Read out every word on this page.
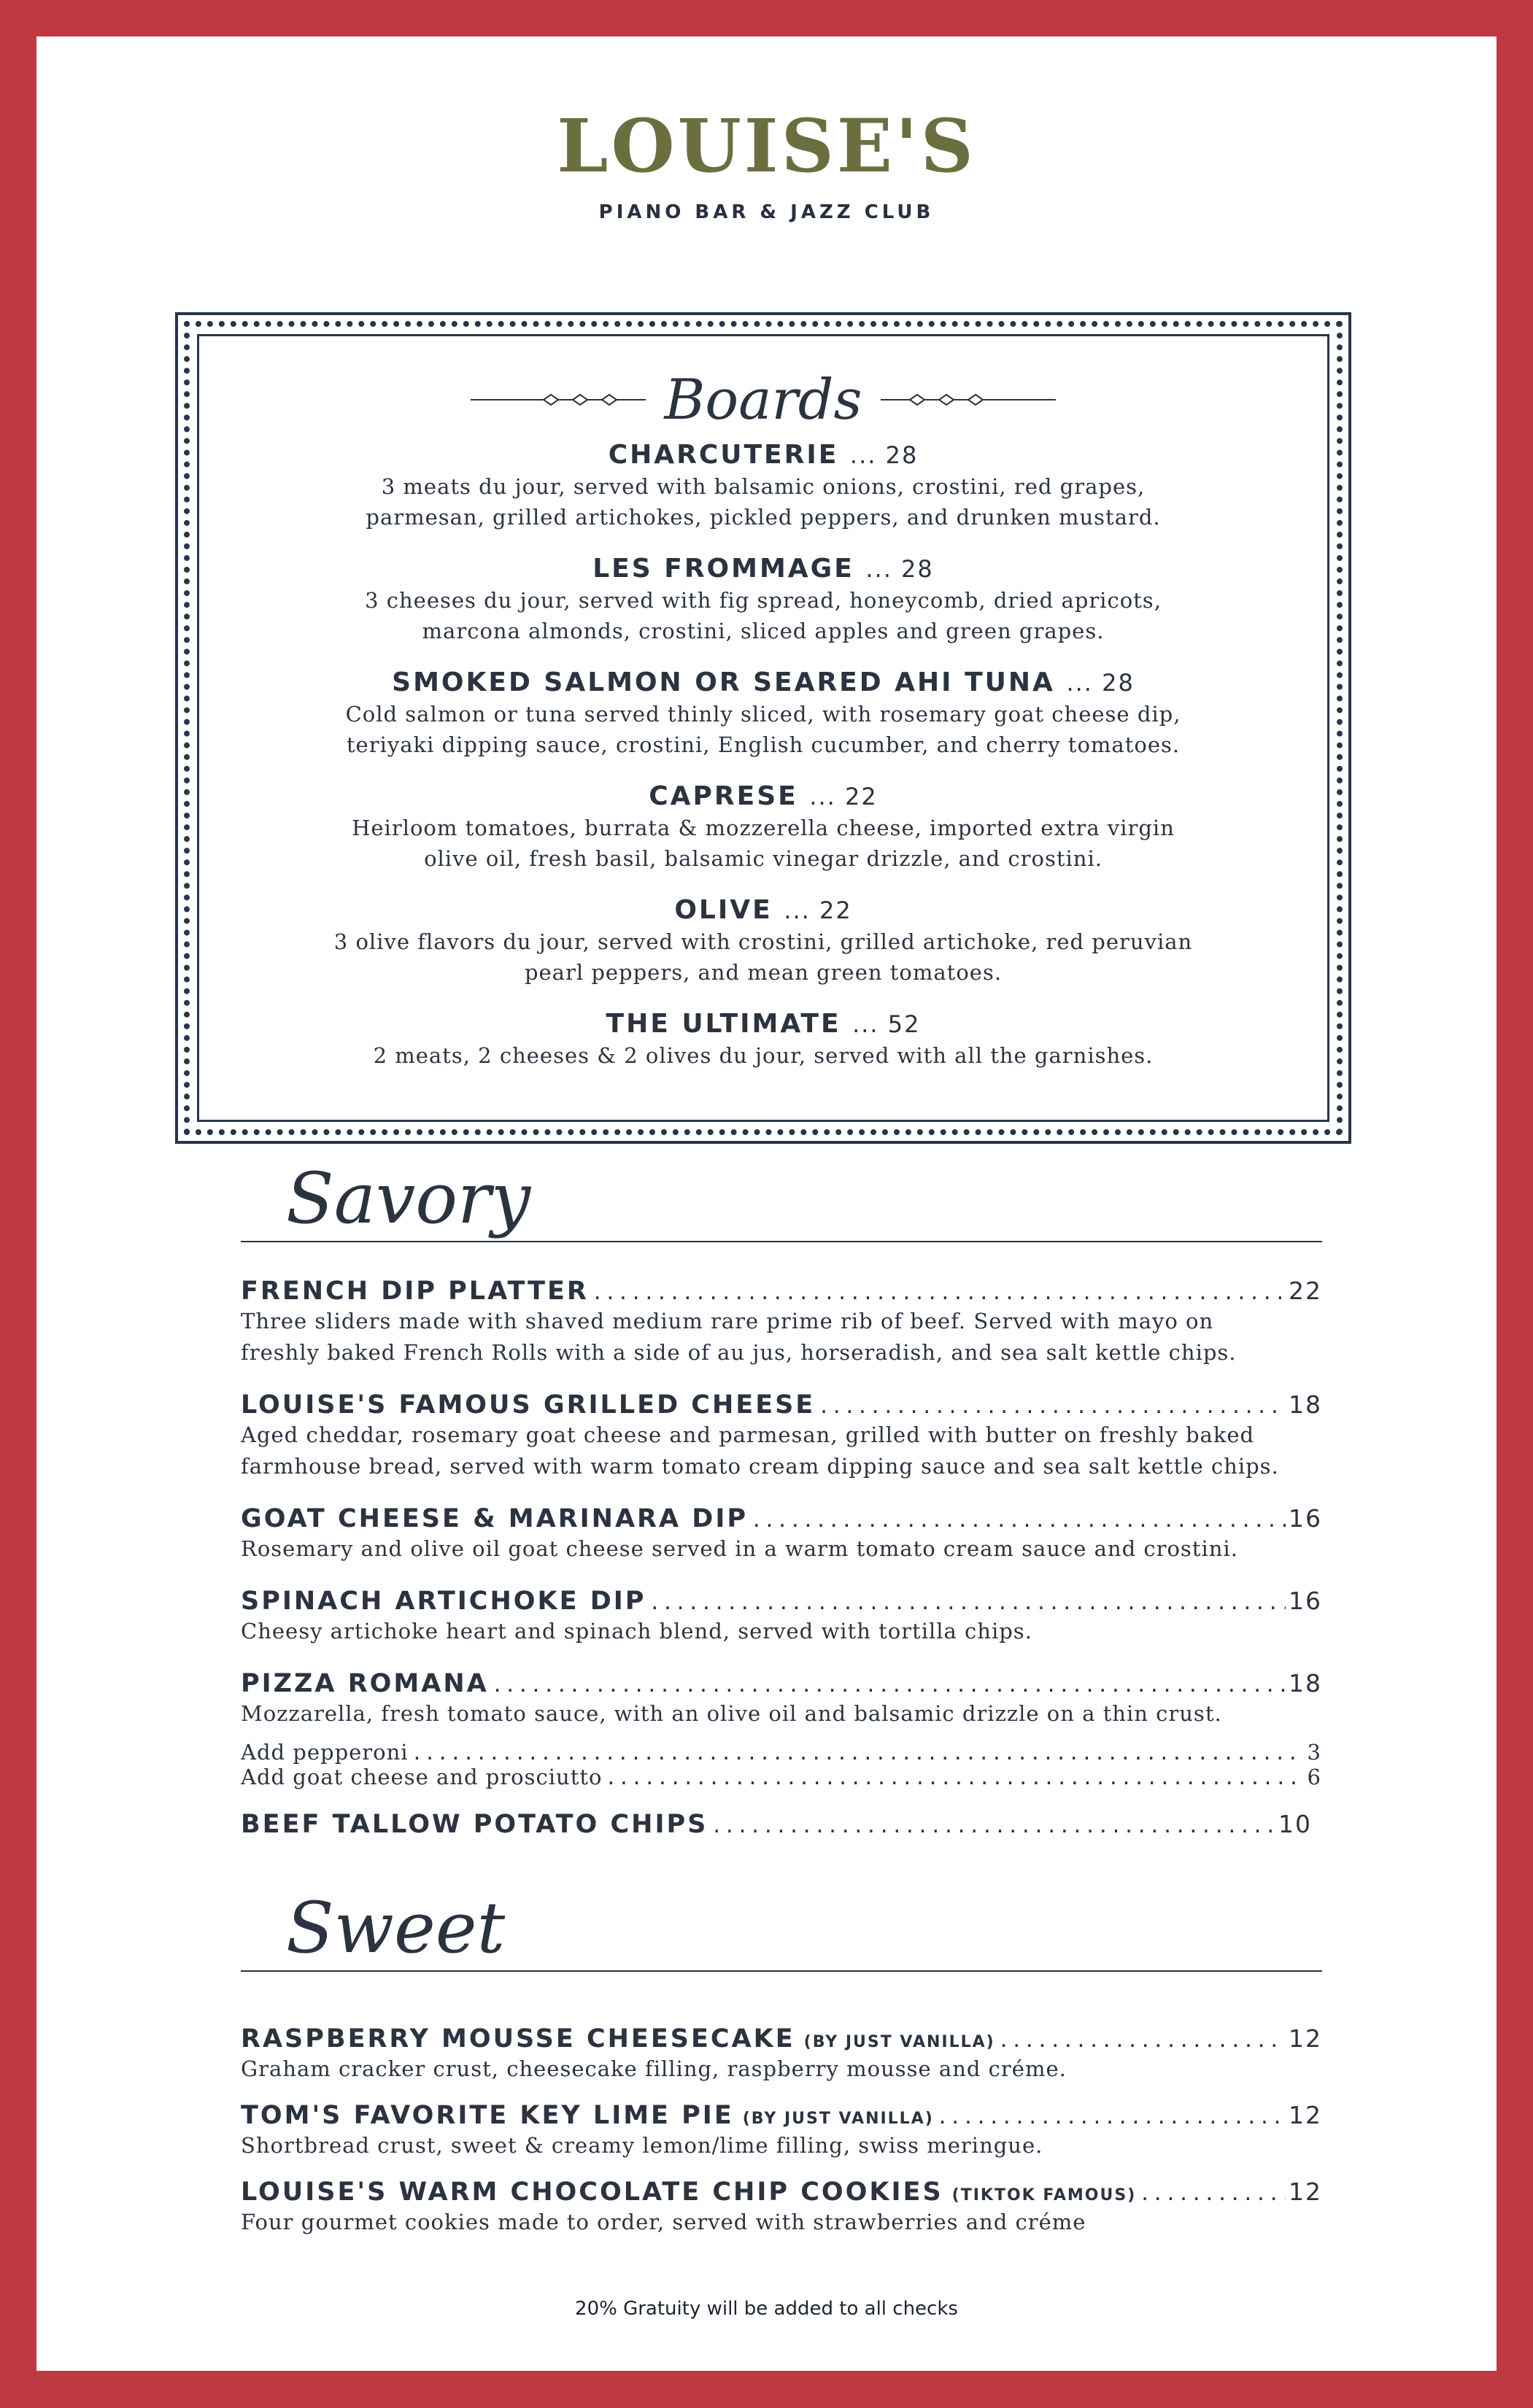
LOUISE'S
PIANO BAR & JAZZ CLUB
Boards
CHARCUTERIE ... 28
3 meats du jour, served with balsamic onions, crostini, red grapes,
parmesan, grilled artichokes, pickled peppers, and drunken mustard.
LES FROMMAGE ... 28
3 cheeses du jour, served with fig spread, honeycomb, dried apricots,
marcona almonds, crostini, sliced apples and green grapes.
SMOKED SALMON OR SEARED AHI TUNA ... 28
Cold salmon or tuna served thinly sliced, with rosemary goat cheese dip,
teriyaki dipping sauce, crostini, English cucumber, and cherry tomatoes.
CAPRESE ... 22
Heirloom tomatoes, burrata & mozzerella cheese, imported extra virgin
olive oil, fresh basil, balsamic vinegar drizzle, and crostini.
OLIVE ... 22
3 olive flavors du jour, served with crostini, grilled artichoke, red peruvian
pearl peppers, and mean green tomatoes.
THE ULTIMATE ... 52
2 meats, 2 cheeses & 2 olives du jour, served with all the garnishes.
Savory
FRENCH DIP PLATTER .....	22
Three sliders made with shaved medium rare prime rib of beef. Served with mayo on
freshly baked French Rolls with a side of au jus, horseradish, and sea salt kettle chips.
LOUISE'S FAMOUS GRILLED CHEESE .....	18
Aged cheddar, rosemary goat cheese and parmesan, grilled with butter on freshly baked
farmhouse bread, served with warm tomato cream dipping sauce and sea salt kettle chips.
GOAT CHEESE & MARINARA DIP .....	16
Rosemary and olive oil goat cheese served in a warm tomato cream sauce and crostini.
SPINACH ARTICHOKE DIP .....	16
Cheesy artichoke heart and spinach blend, served with tortilla chips.
PIZZA ROMANA .....	18
Mozzarella, fresh tomato sauce, with an olive oil and balsamic drizzle on a thin crust.
Add pepperoni .....	3
Add goat cheese and prosciutto .....	6
BEEF TALLOW POTATO CHIPS .....	10
Sweet
RASPBERRY MOUSSE CHEESECAKE (BY JUST VANILLA) .....	12
Graham cracker crust, cheesecake filling, raspberry mousse and créme.
TOM'S FAVORITE KEY LIME PIE (BY JUST VANILLA) .....	12
Shortbread crust, sweet & creamy lemon/lime filling, swiss meringue.
LOUISE'S WARM CHOCOLATE CHIP COOKIES (TIKTOK FAMOUS) .....	12
Four gourmet cookies made to order, served with strawberries and créme
20% Gratuity will be added to all checks
